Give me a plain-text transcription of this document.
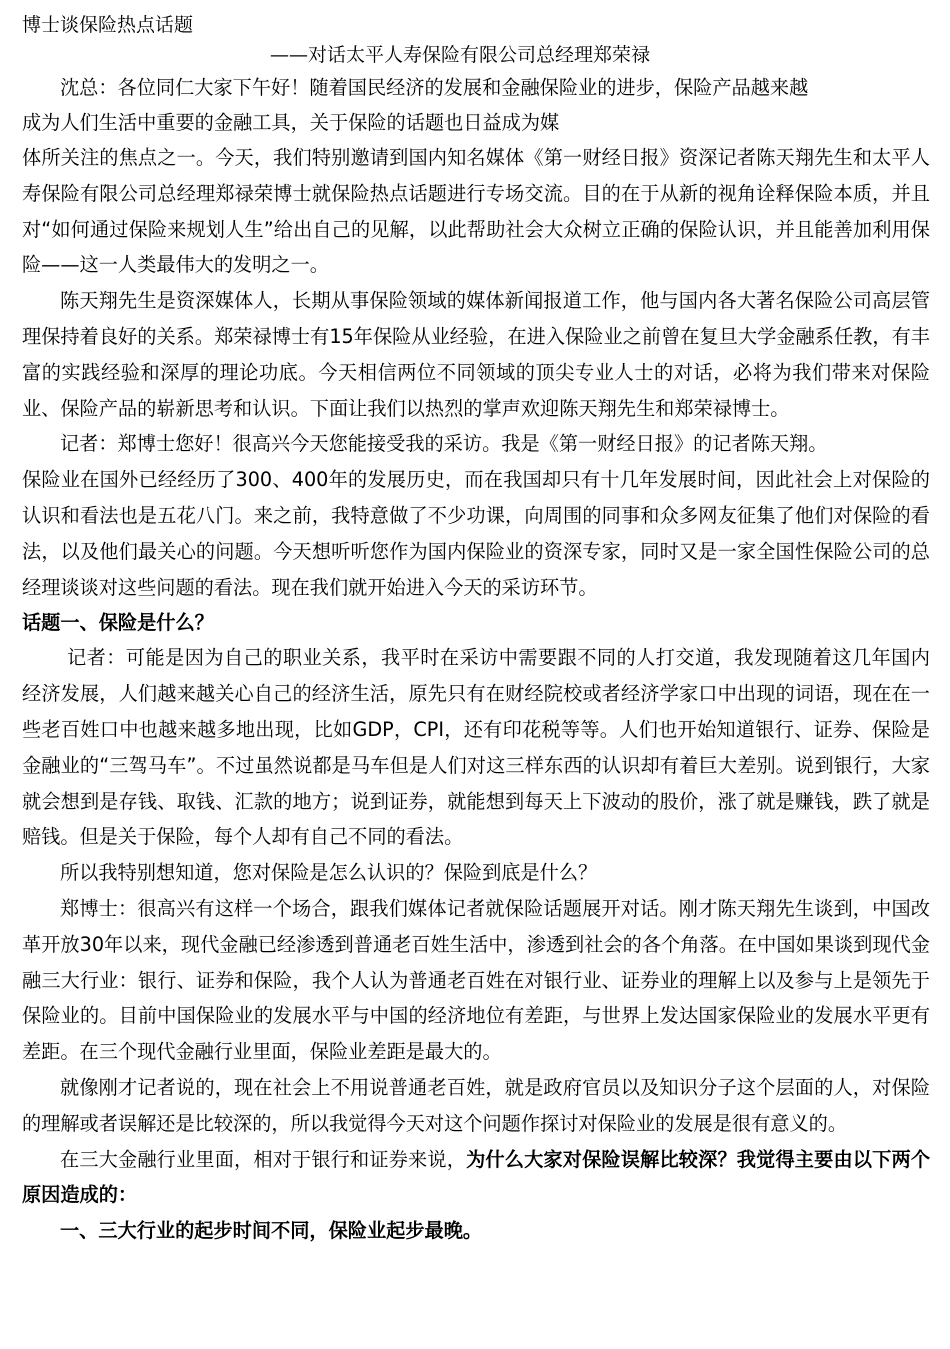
博士谈保险热点话题

——对话太平人寿保险有限公司总经理郑荣禄

沈总：各位同仁大家下午好！随着国民经济的发展和金融保险业的进步，保险产品越来越

成为人们生活中重要的金融工具，关于保险的话题也日益成为媒

体所关注的焦点之一。今天，我们特别邀请到国内知名媒体《第一财经日报》资深记者陈天翔先生和太平人寿保险有限公司总经理郑禄荣博士就保险热点话题进行专场交流。目的在于从新的视角诠释保险本质，并且对“如何通过保险来规划人生”给出自己的见解，以此帮助社会大众树立正确的保险认识，并且能善加利用保险——这一人类最伟大的发明之一。

陈天翔先生是资深媒体人，长期从事保险领域的媒体新闻报道工作，他与国内各大著名保险公司高层管理保持着良好的关系。郑荣禄博士有15年保险从业经验，在进入保险业之前曾在复旦大学金融系任教，有丰富的实践经验和深厚的理论功底。今天相信两位不同领域的顶尖专业人士的对话，必将为我们带来对保险业、保险产品的崭新思考和认识。下面让我们以热烈的掌声欢迎陈天翔先生和郑荣禄博士。

记者：郑博士您好！很高兴今天您能接受我的采访。我是《第一财经日报》的记者陈天翔。

保险业在国外已经经历了300、400年的发展历史，而在我国却只有十几年发展时间，因此社会上对保险的认识和看法也是五花八门。来之前，我特意做了不少功课，向周围的同事和众多网友征集了他们对保险的看法，以及他们最关心的问题。今天想听听您作为国内保险业的资深专家，同时又是一家全国性保险公司的总经理谈谈对这些问题的看法。现在我们就开始进入今天的采访环节。

话题一、保险是什么？

记者：可能是因为自己的职业关系，我平时在采访中需要跟不同的人打交道，我发现随着这几年国内经济发展，人们越来越关心自己的经济生活，原先只有在财经院校或者经济学家口中出现的词语，现在在一些老百姓口中也越来越多地出现，比如GDP，CPI，还有印花税等等。人们也开始知道银行、证券、保险是金融业的“三驾马车”。不过虽然说都是马车但是人们对这三样东西的认识却有着巨大差别。说到银行，大家就会想到是存钱、取钱、汇款的地方；说到证券，就能想到每天上下波动的股价，涨了就是赚钱，跌了就是赔钱。但是关于保险，每个人却有自己不同的看法。

所以我特别想知道，您对保险是怎么认识的？保险到底是什么？

郑博士：很高兴有这样一个场合，跟我们媒体记者就保险话题展开对话。刚才陈天翔先生谈到，中国改革开放30年以来，现代金融已经渗透到普通老百姓生活中，渗透到社会的各个角落。在中国如果谈到现代金融三大行业：银行、证券和保险，我个人认为普通老百姓在对银行业、证券业的理解上以及参与上是领先于保险业的。目前中国保险业的发展水平与中国的经济地位有差距，与世界上发达国家保险业的发展水平更有差距。在三个现代金融行业里面，保险业差距是最大的。

就像刚才记者说的，现在社会上不用说普通老百姓，就是政府官员以及知识分子这个层面的人，对保险的理解或者误解还是比较深的，所以我觉得今天对这个问题作探讨对保险业的发展是很有意义的。

在三大金融行业里面，相对于银行和证券来说，为什么大家对保险误解比较深？我觉得主要由以下两个原因造成的：

一、三大行业的起步时间不同，保险业起步最晚。
